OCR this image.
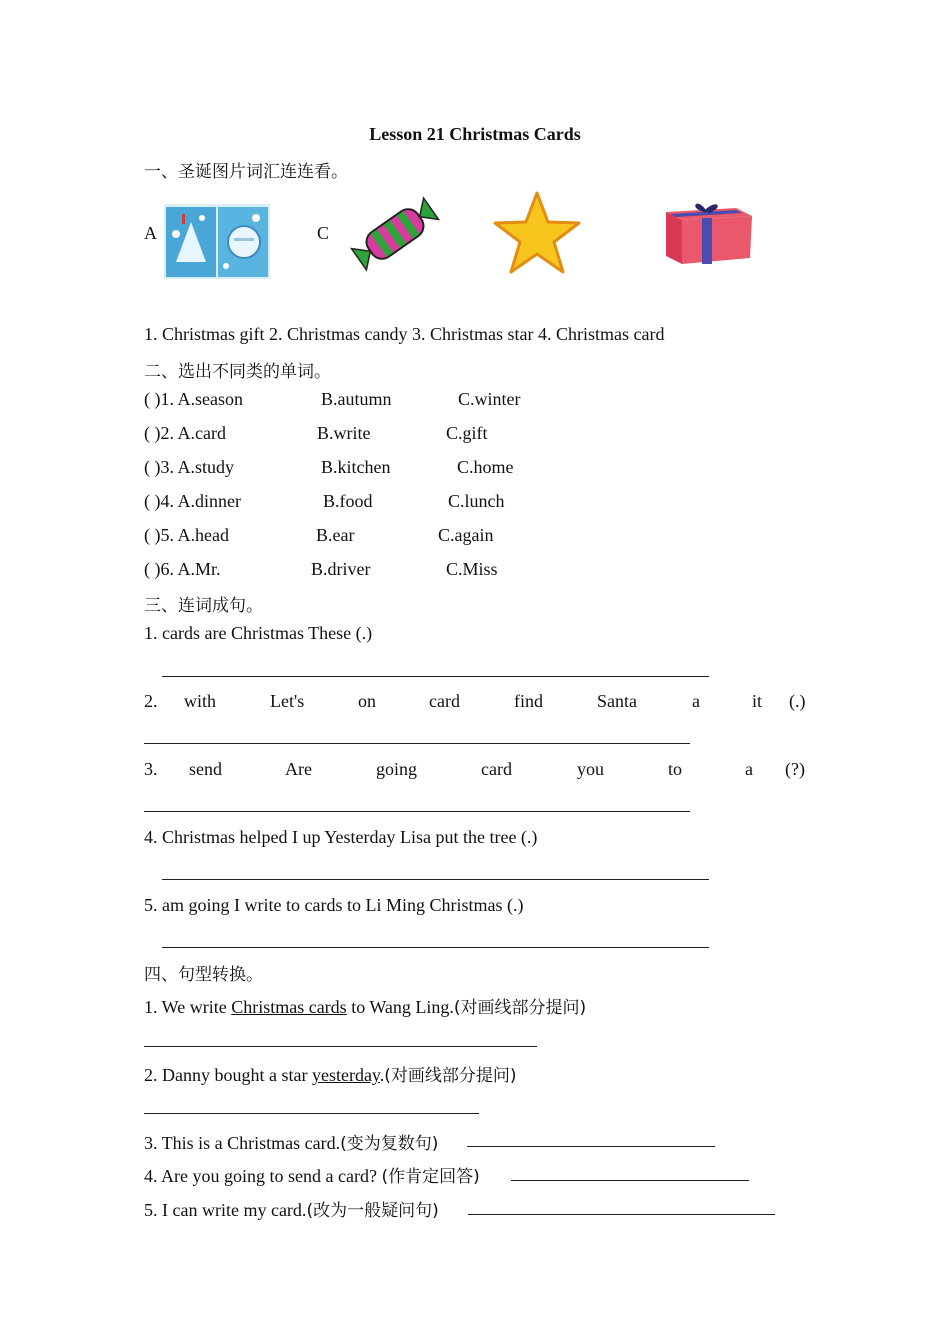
Lesson 21 Christmas Cards
一、圣诞图片词汇连连看。
A	C
1. Christmas gift 2. Christmas candy 3. Christmas star 4. Christmas card
二、选出不同类的单词。
( )1. A.season	B.autumn	C.winter
( )2. A.card	B.write	C.gift
( )3. A.study	B.kitchen	C.home
( )4. A.dinner	B.food	C.lunch
( )5. A.head	B.ear	C.again
( )6. A.Mr.	B.driver	C.Miss
三、连词成句。
1. cards are Christmas These (.)
2. with	Let's	on	card	find	Santa	a	it (.)
3. send	Are	going	card	you	to	a (?)
4. Christmas helped I up Yesterday Lisa put the tree (.)
5. am going I write to cards to Li Ming Christmas (.)
四、句型转换。
1. We write Christmas cards to Wang Ling.(对画线部分提问)
2. Danny bought a star yesterday.(对画线部分提问)
3. This is a Christmas card.(变为复数句)
4. Are you going to send a card? (作肯定回答)
5. I can write my card.(改为一般疑问句)
